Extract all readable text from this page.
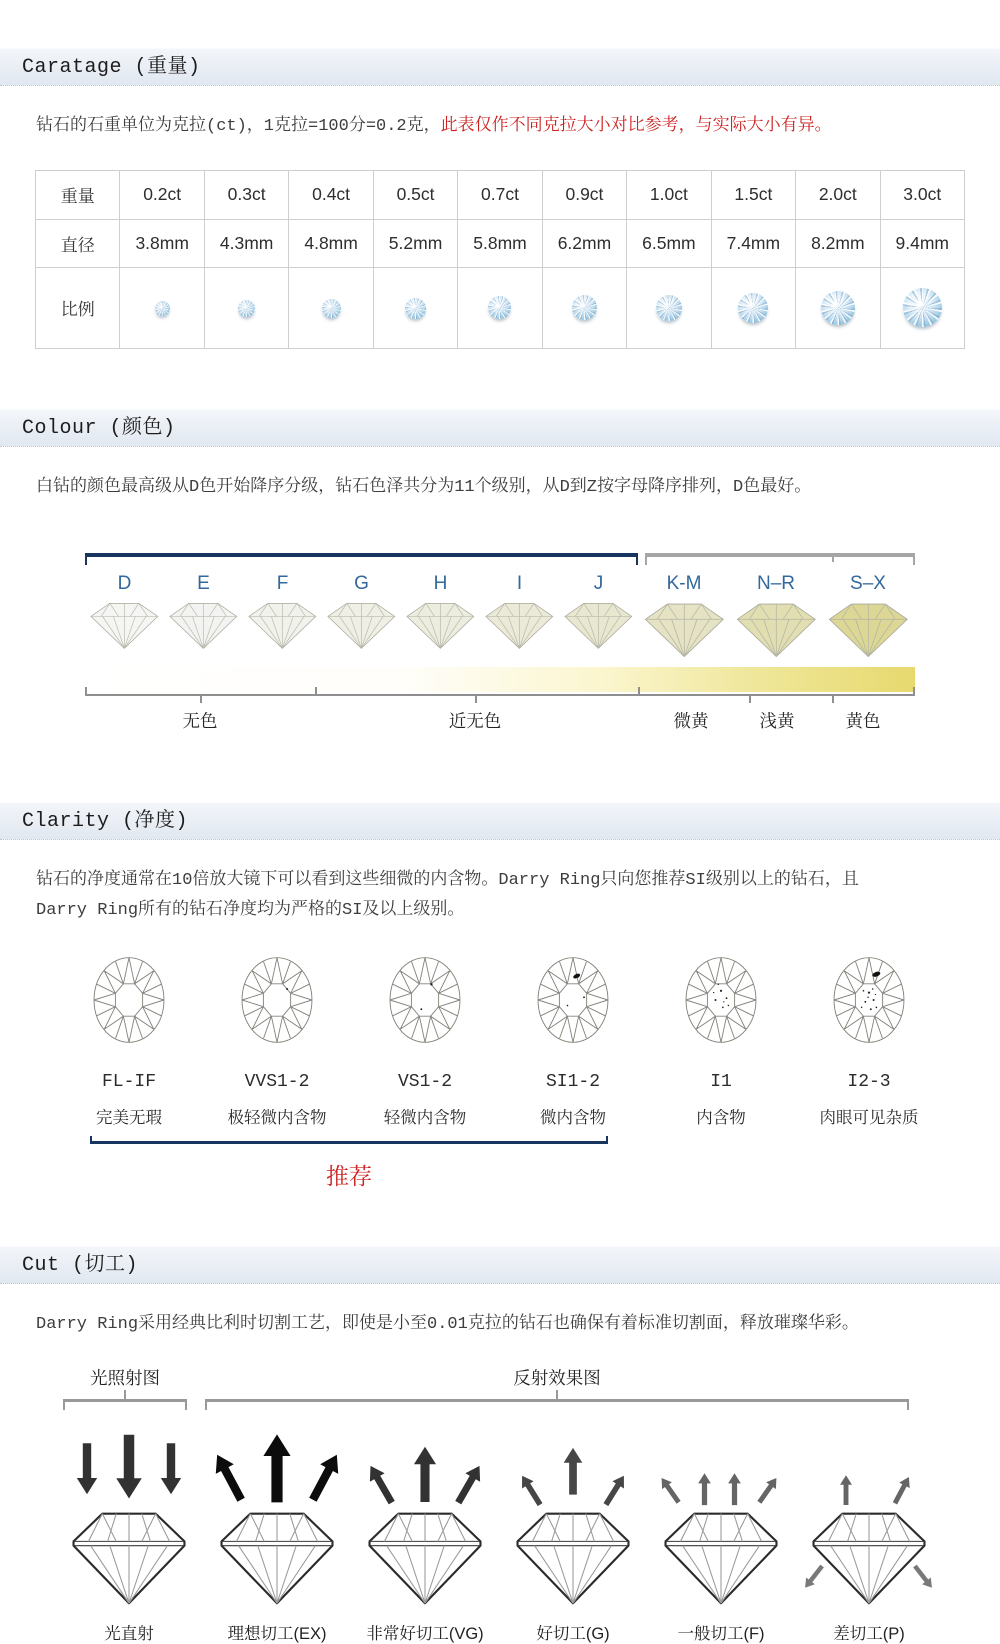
Caratage (重量)

钻石的石重单位为克拉(ct)，1克拉=100分=0.2克，此表仅作不同克拉大小对比参考，与实际大小有异。

重量	0.2ct	0.3ct	0.4ct	0.5ct	0.7ct	0.9ct	1.0ct	1.5ct	2.0ct	3.0ct
直径	3.8mm	4.3mm	4.8mm	5.2mm	5.8mm	6.2mm	6.5mm	7.4mm	8.2mm	9.4mm
比例										
Colour (颜色)

白钻的颜色最高级从D色开始降序分级，钻石色泽共分为11个级别，从D到Z按字母降序排列，D色最好。

D	E	F	G	H	I	J	K-M	N–R	S–X
无色	近无色	微黄	浅黄	黄色
Clarity (净度)

钻石的净度通常在10倍放大镜下可以看到这些细微的内含物。Darry Ring只向您推荐SI级别以上的钻石，且
Darry Ring所有的钻石净度均为严格的SI及以上级别。

FL-IF
完美无瑕
VVS1-2
极轻微内含物
VS1-2
轻微内含物
SI1-2
微内含物
I1
内含物
I2-3
肉眼可见杂质
推荐
Cut (切工)

Darry Ring采用经典比利时切割工艺，即使是小至0.01克拉的钻石也确保有着标准切割面，释放璀璨华彩。

光照射图	反射效果图
光直射	理想切工(EX)	非常好切工(VG)	好切工(G)	一般切工(F)	差切工(P)
